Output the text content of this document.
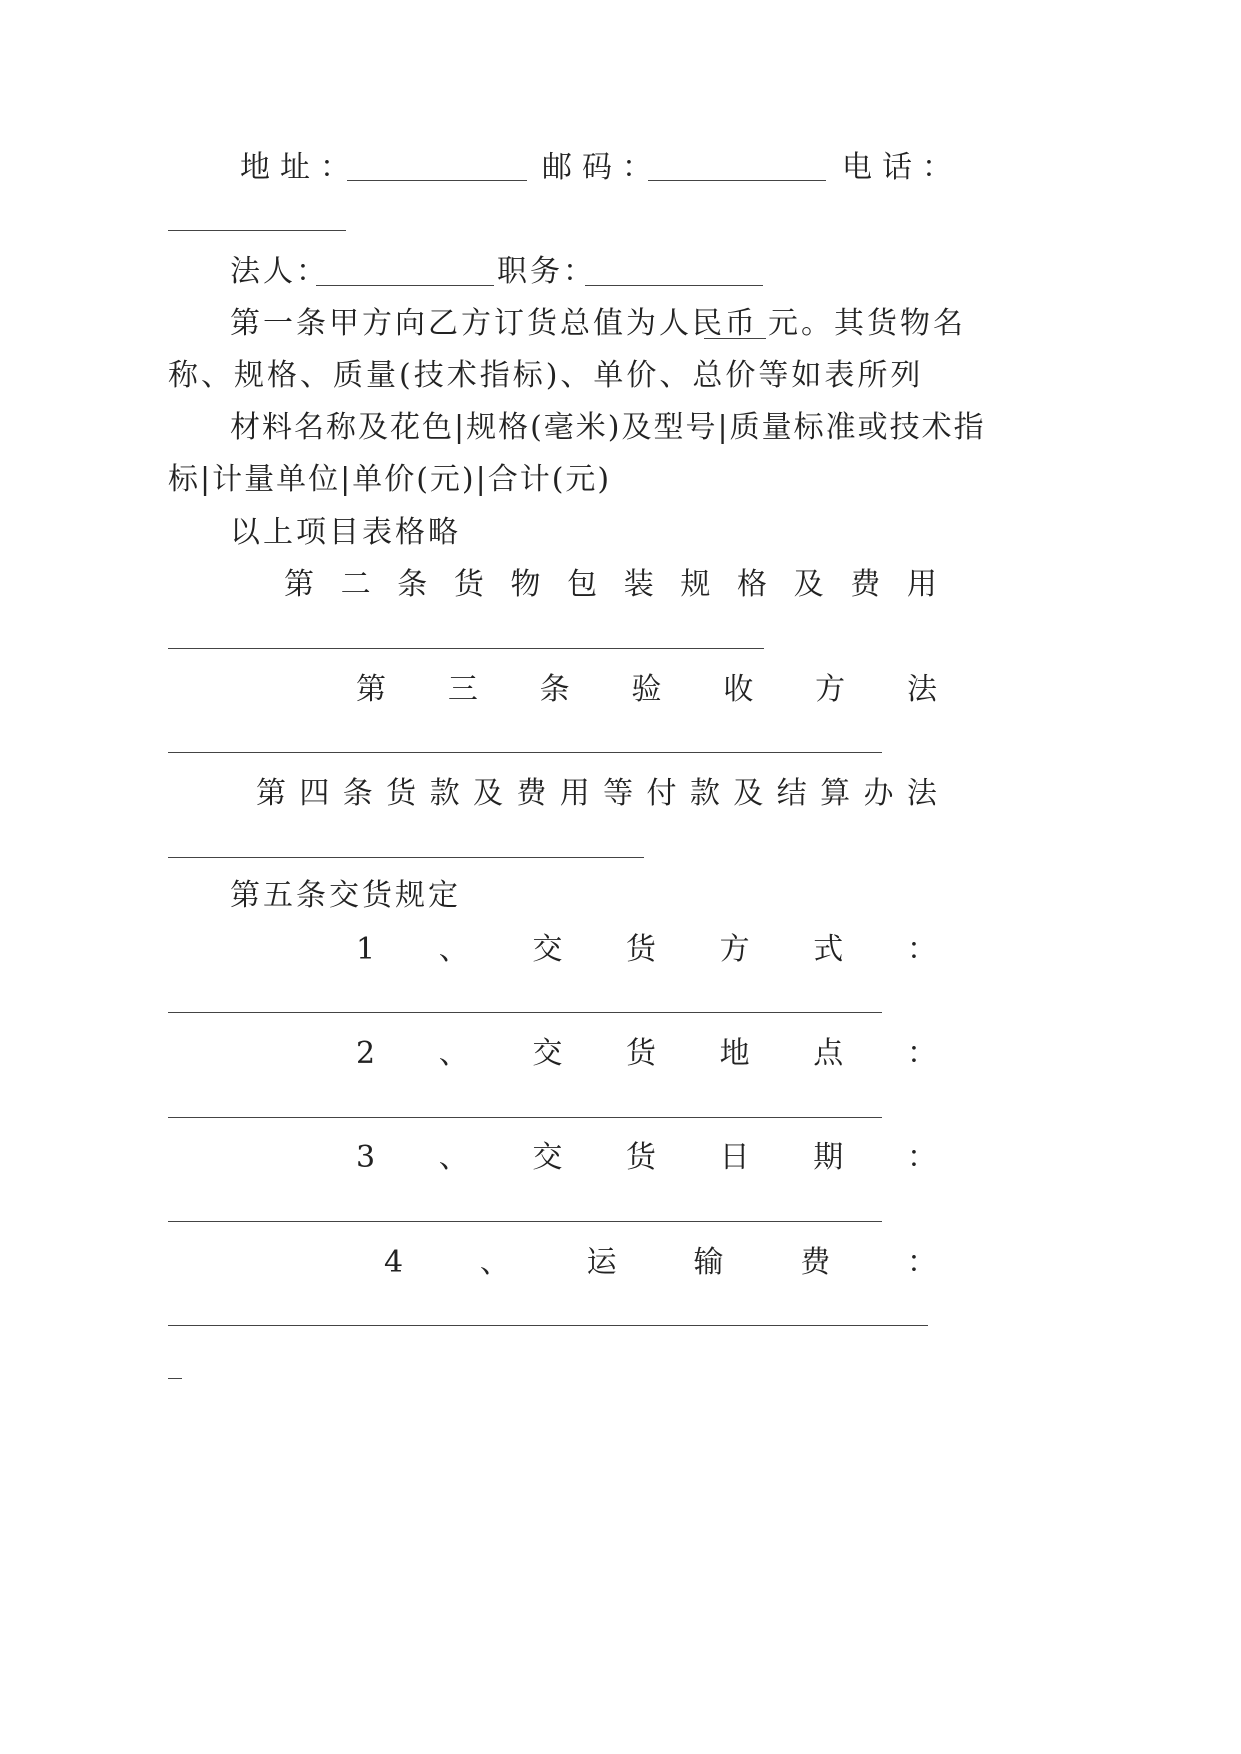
地址：	邮码：	电话：
法人：	职务：
第一条甲方向乙方订货总值为人民币 元。其货物名
称、规格、质量(技术指标)、单价、总价等如表所列
材料名称及花色|规格(毫米)及型号|质量标准或技术指
标|计量单位|单价(元)|合计(元)
以上项目表格略
第 二 条 货 物 包 装 规 格 及 费 用
第 三 条 验 收 方 法
第 四 条 货 款 及 费 用 等 付 款 及 结 算 办 法
第五条交货规定
1 、 交 货 方 式 ：
2 、 交 货 地 点 ：
3 、 交 货 日 期 ：
4 、 运 输 费 ：
